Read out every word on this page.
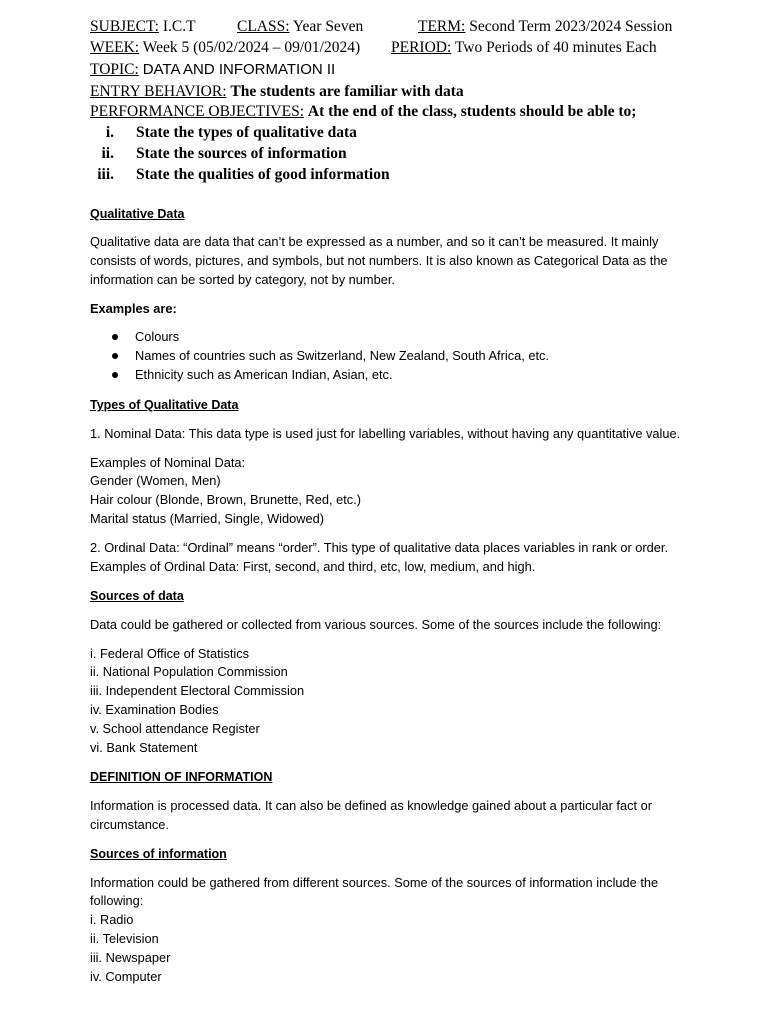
SUBJECT: I.C.T	CLASS: Year Seven	TERM: Second Term 2023/2024 Session
WEEK: Week 5 (05/02/2024 – 09/01/2024) PERIOD: Two Periods of 40 minutes Each
TOPIC: DATA AND INFORMATION II
ENTRY BEHAVIOR: The students are familiar with data
PERFORMANCE OBJECTIVES: At the end of the class, students should be able to;
i. State the types of qualitative data
ii. State the sources of information
iii. State the qualities of good information
Qualitative Data
Qualitative data are data that can’t be expressed as a number, and so it can’t be measured. It mainly
consists of words, pictures, and symbols, but not numbers. It is also known as Categorical Data as the
information can be sorted by category, not by number.
Examples are:
Colours
Names of countries such as Switzerland, New Zealand, South Africa, etc.
Ethnicity such as American Indian, Asian, etc.
Types of Qualitative Data
1. Nominal Data: This data type is used just for labelling variables, without having any quantitative value.
Examples of Nominal Data:
Gender (Women, Men)
Hair colour (Blonde, Brown, Brunette, Red, etc.)
Marital status (Married, Single, Widowed)
2. Ordinal Data: “Ordinal” means “order”. This type of qualitative data places variables in rank or order.
Examples of Ordinal Data: First, second, and third, etc, low, medium, and high.
Sources of data
Data could be gathered or collected from various sources. Some of the sources include the following:
i. Federal Office of Statistics
ii. National Population Commission
iii. Independent Electoral Commission
iv. Examination Bodies
v. School attendance Register
vi. Bank Statement
DEFINITION OF INFORMATION
Information is processed data. It can also be defined as knowledge gained about a particular fact or
circumstance.
Sources of information
Information could be gathered from different sources. Some of the sources of information include the
following:
i. Radio
ii. Television
iii. Newspaper
iv. Computer
